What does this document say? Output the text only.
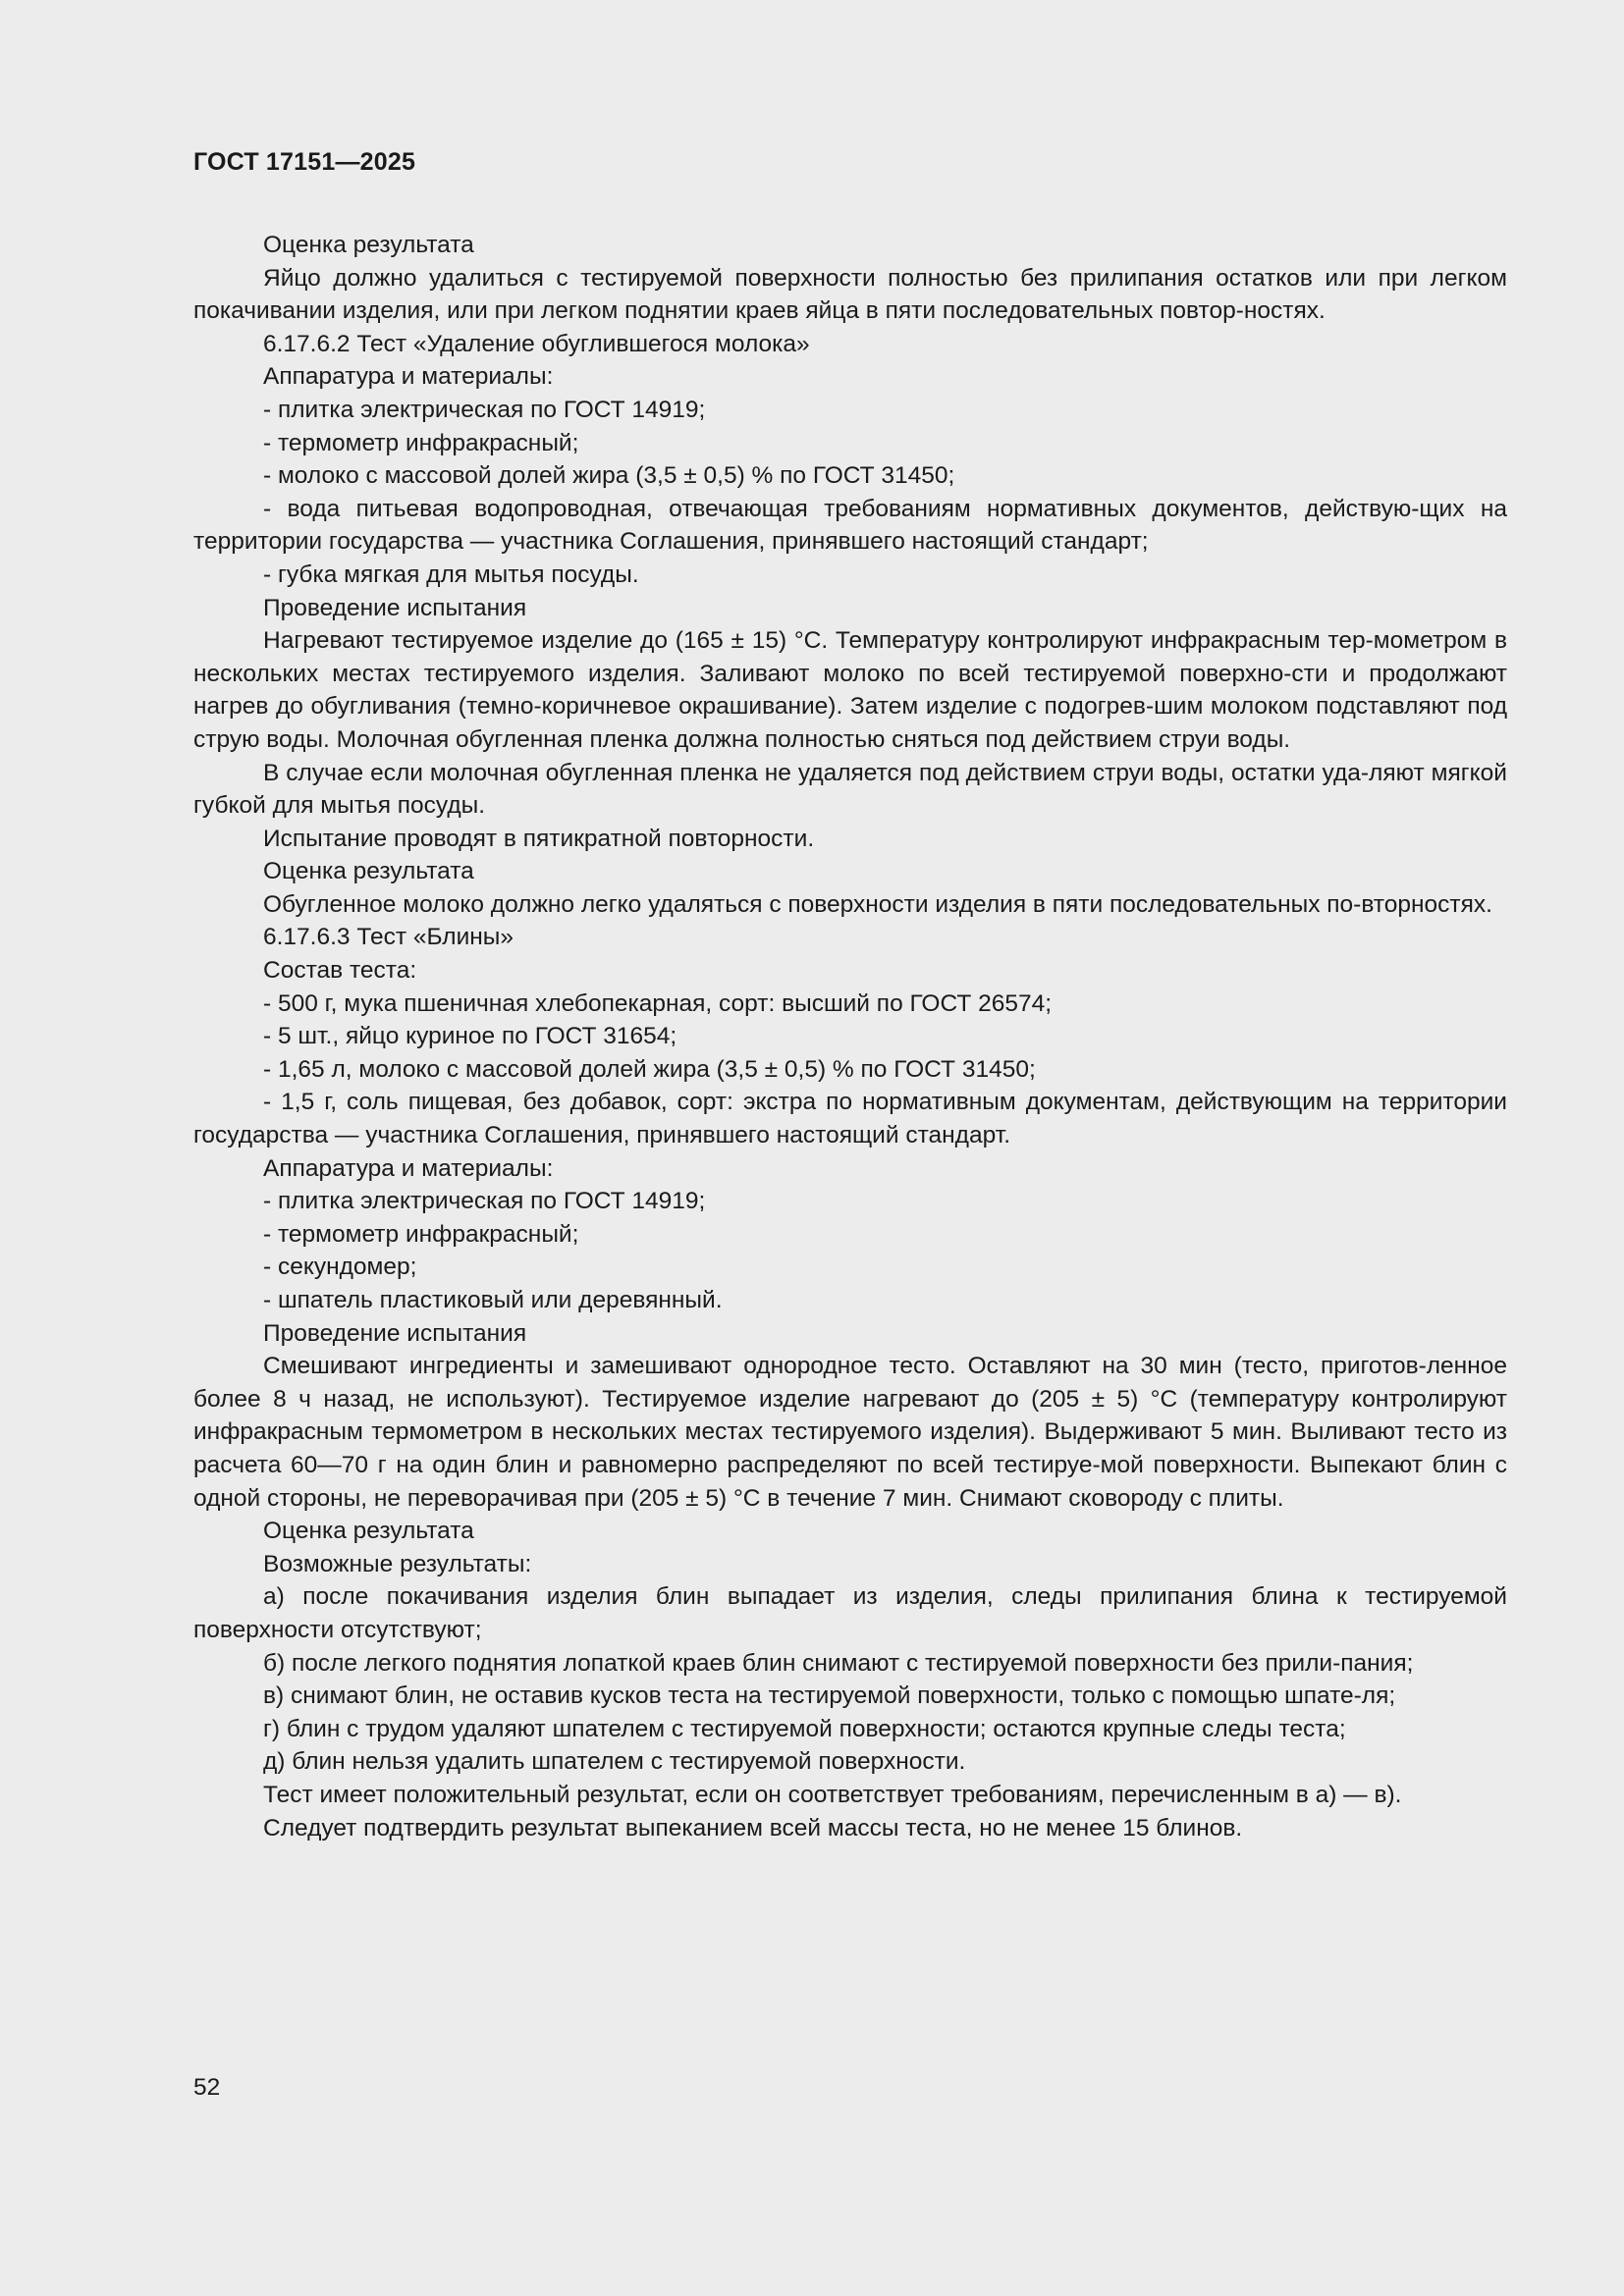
ГОСТ 17151—2025

Оценка результата

Яйцо должно удалиться с тестируемой поверхности полностью без прилипания остатков или при легком покачивании изделия, или при легком поднятии краев яйца в пяти последовательных повтор-ностях.

6.17.6.2 Тест «Удаление обуглившегося молока»

Аппаратура и материалы:

- плитка электрическая по ГОСТ 14919;

- термометр инфракрасный;

- молоко с массовой долей жира (3,5 ± 0,5) % по ГОСТ 31450;

- вода питьевая водопроводная, отвечающая требованиям нормативных документов, действую-щих на территории государства — участника Соглашения, принявшего настоящий стандарт;

- губка мягкая для мытья посуды.

Проведение испытания

Нагревают тестируемое изделие до (165 ± 15) °С. Температуру контролируют инфракрасным тер-мометром в нескольких местах тестируемого изделия. Заливают молоко по всей тестируемой поверхно-сти и продолжают нагрев до обугливания (темно-коричневое окрашивание). Затем изделие с подогрев-шим молоком подставляют под струю воды. Молочная обугленная пленка должна полностью сняться под действием струи воды.

В случае если молочная обугленная пленка не удаляется под действием струи воды, остатки уда-ляют мягкой губкой для мытья посуды.

Испытание проводят в пятикратной повторности.

Оценка результата

Обугленное молоко должно легко удаляться с поверхности изделия в пяти последовательных по-вторностях.

6.17.6.3 Тест «Блины»

Состав теста:

- 500 г, мука пшеничная хлебопекарная, сорт: высший по ГОСТ 26574;

- 5 шт., яйцо куриное по ГОСТ 31654;

- 1,65 л, молоко с массовой долей жира (3,5 ± 0,5) % по ГОСТ 31450;

- 1,5 г, соль пищевая, без добавок, сорт: экстра по нормативным документам, действующим на территории государства — участника Соглашения, принявшего настоящий стандарт.

Аппаратура и материалы:

- плитка электрическая по ГОСТ 14919;

- термометр инфракрасный;

- секундомер;

- шпатель пластиковый или деревянный.

Проведение испытания

Смешивают ингредиенты и замешивают однородное тесто. Оставляют на 30 мин (тесто, приготов-ленное более 8 ч назад, не используют). Тестируемое изделие нагревают до (205 ± 5) °С (температуру контролируют инфракрасным термометром в нескольких местах тестируемого изделия). Выдерживают 5 мин. Выливают тесто из расчета 60—70 г на один блин и равномерно распределяют по всей тестируе-мой поверхности. Выпекают блин с одной стороны, не переворачивая при (205 ± 5) °С в течение 7 мин. Снимают сковороду с плиты.

Оценка результата

Возможные результаты:

а) после покачивания изделия блин выпадает из изделия, следы прилипания блина к тестируемой поверхности отсутствуют;

б) после легкого поднятия лопаткой краев блин снимают с тестируемой поверхности без прили-пания;

в) снимают блин, не оставив кусков теста на тестируемой поверхности, только с помощью шпате-ля;

г) блин с трудом удаляют шпателем с тестируемой поверхности; остаются крупные следы теста;

д) блин нельзя удалить шпателем с тестируемой поверхности.

Тест имеет положительный результат, если он соответствует требованиям, перечисленным в а) — в).

Следует подтвердить результат выпеканием всей массы теста, но не менее 15 блинов.

52
